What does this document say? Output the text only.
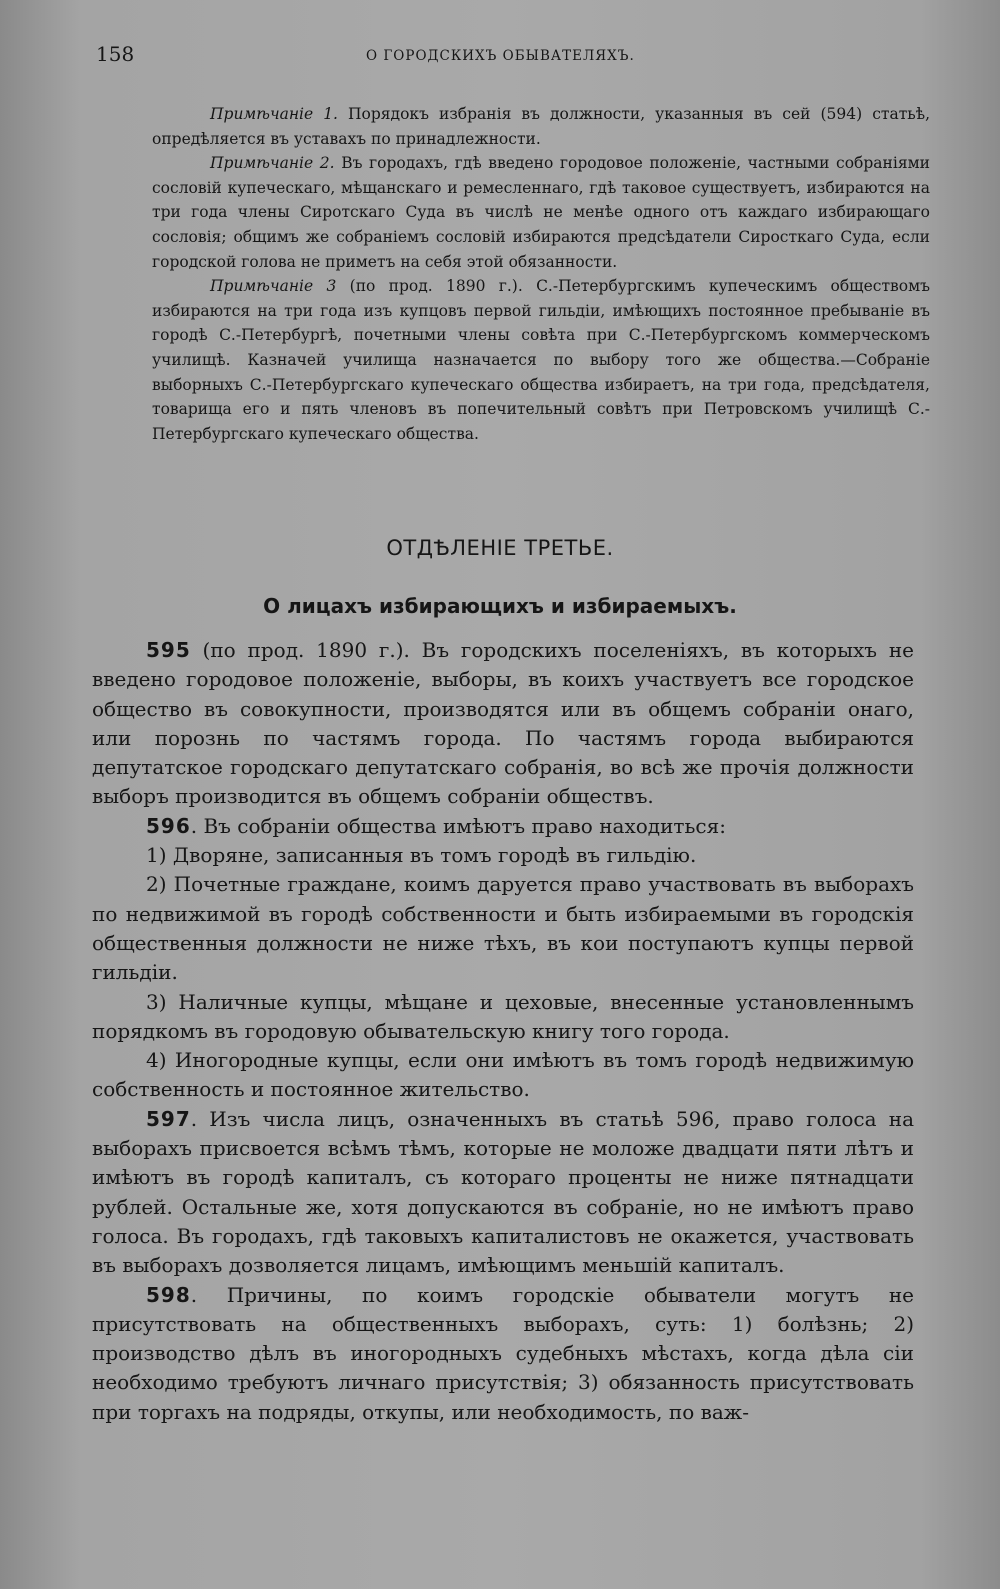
158	О ГОРОДСКИХЪ ОБЫВАТЕЛЯХЪ.

Примѣчаніе 1. Порядокъ избранія въ должности, указанныя въ сей (594) статьѣ, опредѣляется въ уставахъ по принадлежности.

Примѣчаніе 2. Въ городахъ, гдѣ введено городовое положеніе, частными собраніями сословій купеческаго, мѣщанскаго и ремесленнаго, гдѣ таковое существуетъ, избираются на три года члены Сиротскаго Суда въ числѣ не менѣе одного отъ каждаго избирающаго сословія; общимъ же собраніемъ сословій избираются предсѣдатели Сиросткаго Суда, если городской голова не приметъ на себя этой обязанности.

Примѣчаніе 3 (по прод. 1890 г.). С.-Петербургскимъ купеческимъ обществомъ избираются на три года изъ купцовъ первой гильдіи, имѣющихъ постоянное пребываніе въ городѣ С.-Петербургѣ, почетными члены совѣта при С.-Петербургскомъ коммерческомъ училищѣ. Казначей училища назначается по выбору того же общества.—Собраніе выборныхъ С.-Петербургскаго купеческаго общества избираетъ, на три года, предсѣдателя, товарища его и пять членовъ въ попечительный совѣтъ при Петровскомъ училищѣ С.-Петербургскаго купеческаго общества.

ОТДѢЛЕНІЕ ТРЕТЬЕ.
О лицахъ избирающихъ и избираемыхъ.

595 (по прод. 1890 г.). Въ городскихъ поселеніяхъ, въ которыхъ не введено городовое положеніе, выборы, въ коихъ участвуетъ все городское общество въ совокупности, производятся или въ общемъ собраніи онаго, или порознь по частямъ города. По частямъ города выбираются депутатское городскаго депутатскаго собранія, во всѣ же прочія должности выборъ производится въ общемъ собраніи обществъ.

596. Въ собраніи общества имѣютъ право находиться:

1) Дворяне, записанныя въ томъ городѣ въ гильдію.

2) Почетные граждане, коимъ даруется право участвовать въ выборахъ по недвижимой въ городѣ собственности и быть избираемыми въ городскія общественныя должности не ниже тѣхъ, въ кои поступаютъ купцы первой гильдіи.

3) Наличные купцы, мѣщане и цеховые, внесенные установленнымъ порядкомъ въ городовую обывательскую книгу того города.

4) Иногородные купцы, если они имѣютъ въ томъ городѣ недвижимую собственность и постоянное жительство.

597. Изъ числа лицъ, означенныхъ въ статьѣ 596, право голоса на выборахъ присвоется всѣмъ тѣмъ, которые не моложе двадцати пяти лѣтъ и имѣютъ въ городѣ капиталъ, съ котораго проценты не ниже пятнадцати рублей. Остальные же, хотя допускаются въ собраніе, но не имѣютъ право голоса. Въ городахъ, гдѣ таковыхъ капиталистовъ не окажется, участвовать въ выборахъ дозволяется лицамъ, имѣющимъ меньшій капиталъ.

598. Причины, по коимъ городскіе обыватели могутъ не присутствовать на общественныхъ выборахъ, суть: 1) болѣзнь; 2) производство дѣлъ въ иногородныхъ судебныхъ мѣстахъ, когда дѣла сіи необходимо требуютъ личнаго присутствія; 3) обязанность присутствовать при торгахъ на подряды, откупы, или необходимость, по важ-
